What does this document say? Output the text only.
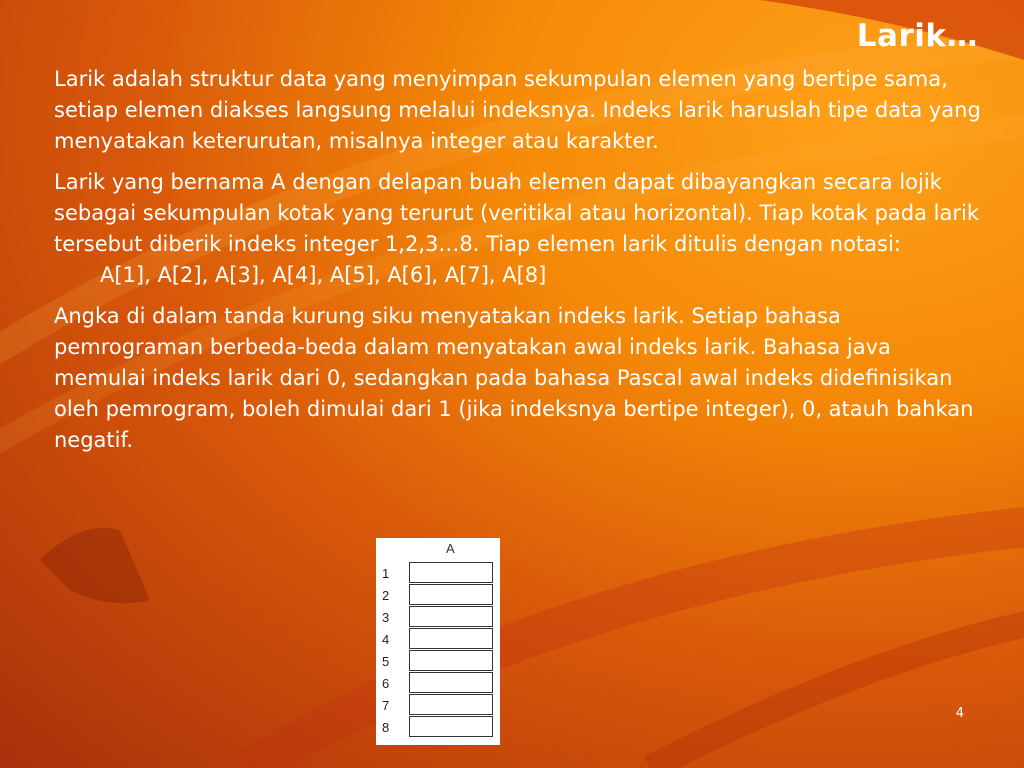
Larik…

Larik adalah struktur data yang menyimpan sekumpulan elemen yang bertipe sama, setiap elemen diakses langsung melalui indeksnya. Indeks larik haruslah tipe data yang menyatakan keterurutan, misalnya integer atau karakter.

Larik yang bernama A dengan delapan buah elemen dapat dibayangkan secara lojik sebagai sekumpulan kotak yang terurut (veritikal atau horizontal). Tiap kotak pada larik tersebut diberik indeks integer 1,2,3…8. Tiap elemen larik ditulis dengan notasi:
A[1], A[2], A[3], A[4], A[5], A[6], A[7], A[8]

Angka di dalam tanda kurung siku menyatakan indeks larik. Setiap bahasa pemrograman berbeda-beda dalam menyatakan awal indeks larik. Bahasa java memulai indeks larik dari 0, sedangkan pada bahasa Pascal awal indeks didefinisikan oleh pemrogram, boleh dimulai dari 1 (jika indeksnya bertipe integer), 0, atauh bahkan negatif.

A
1
2
3
4
5
6
7
8
4
